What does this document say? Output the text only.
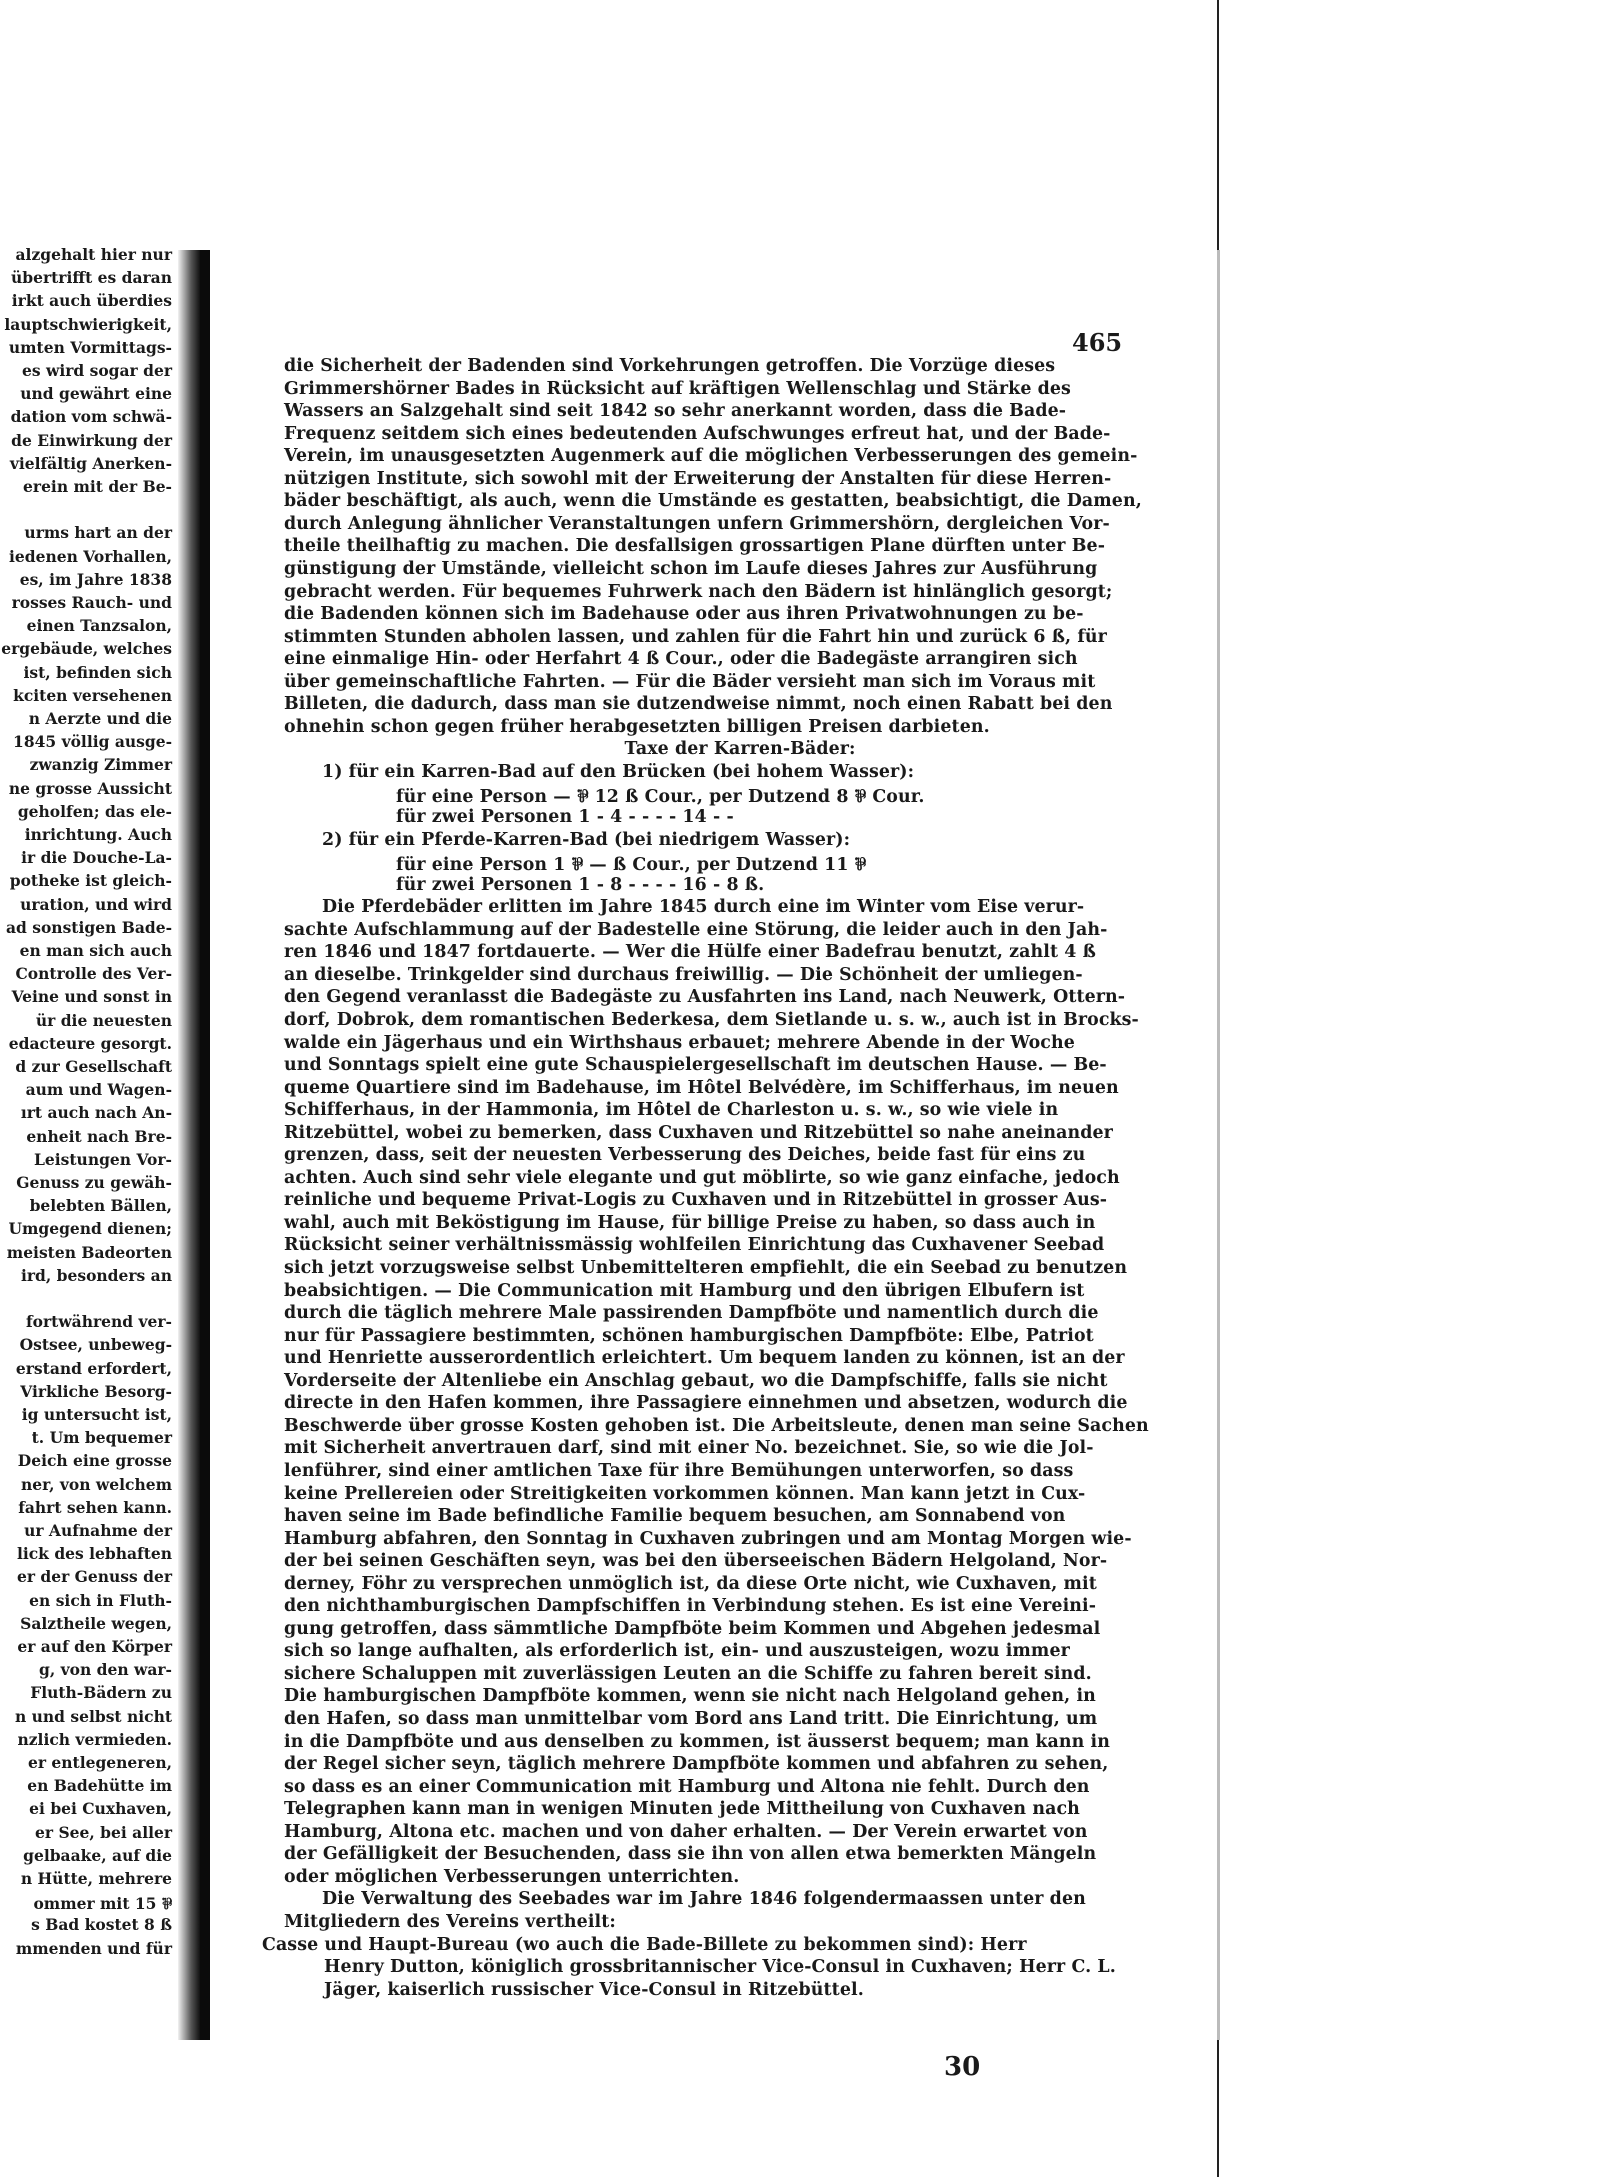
alzgehalt hier nur
übertrifft es daran
irkt auch überdies
lauptschwierigkeit,
umten Vormittags-
es wird sogar der
und gewährt eine
dation vom schwä-
de Einwirkung der
vielfältig Anerken-
erein mit der Be-
urms hart an der
iedenen Vorhallen,
es, im Jahre 1838
rosses Rauch- und
einen Tanzsalon,
ergebäude, welches
ist, befinden sich
kciten versehenen
n Aerzte und die
1845 völlig ausge-
zwanzig Zimmer
ne grosse Aussicht
geholfen; das ele-
inrichtung. Auch
ir die Douche-La-
potheke ist gleich-
uration, und wird
ad sonstigen Bade-
en man sich auch
Controlle des Ver-
Veine und sonst in
ür die neuesten
edacteure gesorgt.
d zur Gesellschaft
aum und Wagen-
ırt auch nach An-
enheit nach Bre-
Leistungen Vor-
Genuss zu gewäh-
belebten Bällen,
Umgegend dienen;
meisten Badeorten
ird, besonders an
fortwährend ver-
Ostsee, unbeweg-
erstand erfordert,
Virkliche Besorg-
ig untersucht ist,
t. Um bequemer
Deich eine grosse
ner, von welchem
fahrt sehen kann.
ur Aufnahme der
lick des lebhaften
er der Genuss der
en sich in Fluth-
Salztheile wegen,
er auf den Körper
g, von den war-
Fluth-Bädern zu
n und selbst nicht
nzlich vermieden.
er entlegeneren,
en Badehütte im
ei bei Cuxhaven,
er See, bei aller
gelbaake, auf die
n Hütte, mehrere
ommer mit 15 ⅌
s Bad kostet 8 ß
mmenden und für
465
die Sicherheit der Badenden sind Vorkehrungen getroffen. Die Vorzüge dieses
Grimmershörner Bades in Rücksicht auf kräftigen Wellenschlag und Stärke des
Wassers an Salzgehalt sind seit 1842 so sehr anerkannt worden, dass die Bade-
Frequenz seitdem sich eines bedeutenden Aufschwunges erfreut hat, und der Bade-
Verein, im unausgesetzten Augenmerk auf die möglichen Verbesserungen des gemein-
nützigen Institute, sich sowohl mit der Erweiterung der Anstalten für diese Herren-
bäder beschäftigt, als auch, wenn die Umstände es gestatten, beabsichtigt, die Damen,
durch Anlegung ähnlicher Veranstaltungen unfern Grimmershörn, dergleichen Vor-
theile theilhaftig zu machen. Die desfallsigen grossartigen Plane dürften unter Be-
günstigung der Umstände, vielleicht schon im Laufe dieses Jahres zur Ausführung
gebracht werden. Für bequemes Fuhrwerk nach den Bädern ist hinlänglich gesorgt;
die Badenden können sich im Badehause oder aus ihren Privatwohnungen zu be-
stimmten Stunden abholen lassen, und zahlen für die Fahrt hin und zurück 6 ß, für
eine einmalige Hin- oder Herfahrt 4 ß Cour., oder die Badegäste arrangiren sich
über gemeinschaftliche Fahrten. — Für die Bäder versieht man sich im Voraus mit
Billeten, die dadurch, dass man sie dutzendweise nimmt, noch einen Rabatt bei den
ohnehin schon gegen früher herabgesetzten billigen Preisen darbieten.
Taxe der Karren-Bäder:
1) für ein Karren-Bad auf den Brücken (bei hohem Wasser):
für eine Person — ⅌ 12 ß Cour., per Dutzend 8 ⅌ Cour.
für zwei Personen 1 - 4 - - - - 14 - -
2) für ein Pferde-Karren-Bad (bei niedrigem Wasser):
für eine Person 1 ⅌ — ß Cour., per Dutzend 11 ⅌
für zwei Personen 1 - 8 - - - - 16 - 8 ß.
Die Pferdebäder erlitten im Jahre 1845 durch eine im Winter vom Eise verur-
sachte Aufschlammung auf der Badestelle eine Störung, die leider auch in den Jah-
ren 1846 und 1847 fortdauerte. — Wer die Hülfe einer Badefrau benutzt, zahlt 4 ß
an dieselbe. Trinkgelder sind durchaus freiwillig. — Die Schönheit der umliegen-
den Gegend veranlasst die Badegäste zu Ausfahrten ins Land, nach Neuwerk, Ottern-
dorf, Dobrok, dem romantischen Bederkesa, dem Sietlande u. s. w., auch ist in Brocks-
walde ein Jägerhaus und ein Wirthshaus erbauet; mehrere Abende in der Woche
und Sonntags spielt eine gute Schauspielergesellschaft im deutschen Hause. — Be-
queme Quartiere sind im Badehause, im Hôtel Belvédère, im Schifferhaus, im neuen
Schifferhaus, in der Hammonia, im Hôtel de Charleston u. s. w., so wie viele in
Ritzebüttel, wobei zu bemerken, dass Cuxhaven und Ritzebüttel so nahe aneinander
grenzen, dass, seit der neuesten Verbesserung des Deiches, beide fast für eins zu
achten. Auch sind sehr viele elegante und gut möblirte, so wie ganz einfache, jedoch
reinliche und bequeme Privat-Logis zu Cuxhaven und in Ritzebüttel in grosser Aus-
wahl, auch mit Beköstigung im Hause, für billige Preise zu haben, so dass auch in
Rücksicht seiner verhältnissmässig wohlfeilen Einrichtung das Cuxhavener Seebad
sich jetzt vorzugsweise selbst Unbemittelteren empfiehlt, die ein Seebad zu benutzen
beabsichtigen. — Die Communication mit Hamburg und den übrigen Elbufern ist
durch die täglich mehrere Male passirenden Dampfböte und namentlich durch die
nur für Passagiere bestimmten, schönen hamburgischen Dampfböte: Elbe, Patriot
und Henriette ausserordentlich erleichtert. Um bequem landen zu können, ist an der
Vorderseite der Altenliebe ein Anschlag gebaut, wo die Dampfschiffe, falls sie nicht
directe in den Hafen kommen, ihre Passagiere einnehmen und absetzen, wodurch die
Beschwerde über grosse Kosten gehoben ist. Die Arbeitsleute, denen man seine Sachen
mit Sicherheit anvertrauen darf, sind mit einer No. bezeichnet. Sie, so wie die Jol-
lenführer, sind einer amtlichen Taxe für ihre Bemühungen unterworfen, so dass
keine Prellereien oder Streitigkeiten vorkommen können. Man kann jetzt in Cux-
haven seine im Bade befindliche Familie bequem besuchen, am Sonnabend von
Hamburg abfahren, den Sonntag in Cuxhaven zubringen und am Montag Morgen wie-
der bei seinen Geschäften seyn, was bei den überseeischen Bädern Helgoland, Nor-
derney, Föhr zu versprechen unmöglich ist, da diese Orte nicht, wie Cuxhaven, mit
den nichthamburgischen Dampfschiffen in Verbindung stehen. Es ist eine Vereini-
gung getroffen, dass sämmtliche Dampfböte beim Kommen und Abgehen jedesmal
sich so lange aufhalten, als erforderlich ist, ein- und auszusteigen, wozu immer
sichere Schaluppen mit zuverlässigen Leuten an die Schiffe zu fahren bereit sind.
Die hamburgischen Dampfböte kommen, wenn sie nicht nach Helgoland gehen, in
den Hafen, so dass man unmittelbar vom Bord ans Land tritt. Die Einrichtung, um
in die Dampfböte und aus denselben zu kommen, ist äusserst bequem; man kann in
der Regel sicher seyn, täglich mehrere Dampfböte kommen und abfahren zu sehen,
so dass es an einer Communication mit Hamburg und Altona nie fehlt. Durch den
Telegraphen kann man in wenigen Minuten jede Mittheilung von Cuxhaven nach
Hamburg, Altona etc. machen und von daher erhalten. — Der Verein erwartet von
der Gefälligkeit der Besuchenden, dass sie ihn von allen etwa bemerkten Mängeln
oder möglichen Verbesserungen unterrichten.
Die Verwaltung des Seebades war im Jahre 1846 folgendermaassen unter den
Mitgliedern des Vereins vertheilt:
Casse und Haupt-Bureau (wo auch die Bade-Billete zu bekommen sind): Herr
Henry Dutton, königlich grossbritannischer Vice-Consul in Cuxhaven; Herr C. L.
Jäger, kaiserlich russischer Vice-Consul in Ritzebüttel.
30
